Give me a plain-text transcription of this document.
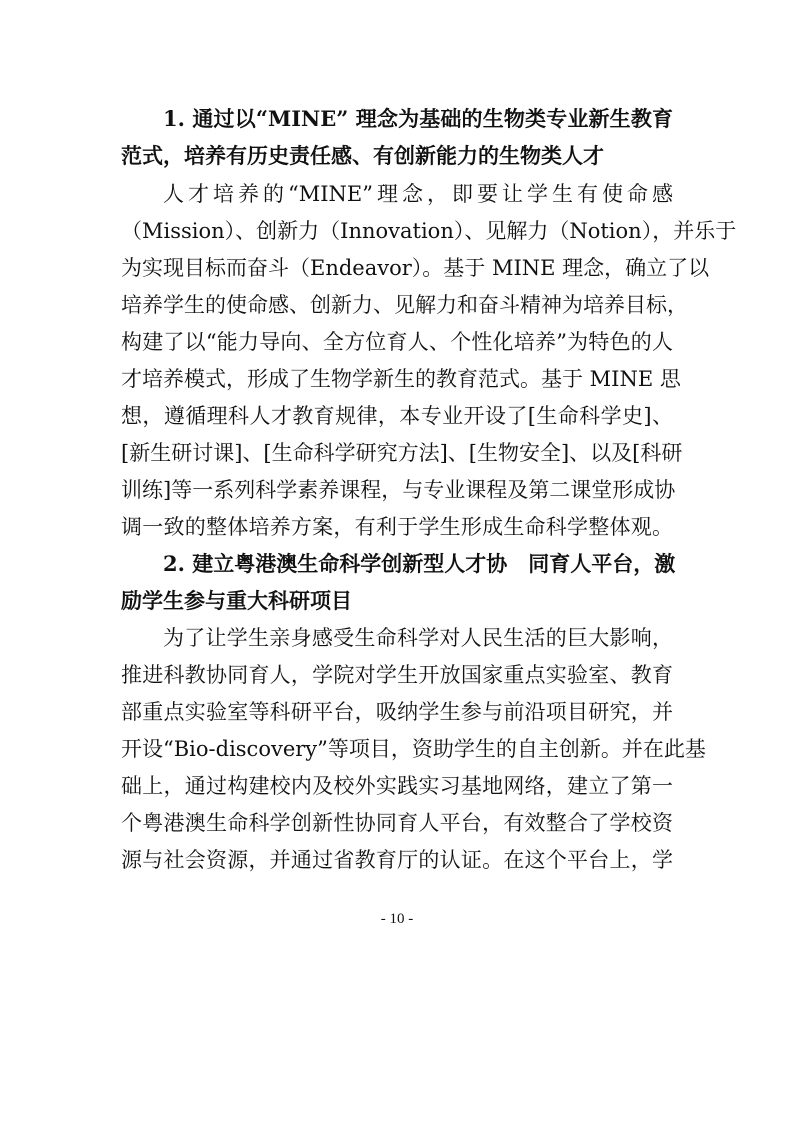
1. 通过以“MINE” 理念为基础的生物类专业新生教育
范式，培养有历史责任感、有创新能力的生物类人才
人才培养的“MINE”理念，即要让学生有使命感
（Mission）、创新力（Innovation）、见解力（Notion），并乐于
为实现目标而奋斗（Endeavor）。基于 MINE 理念，确立了以
培养学生的使命感、创新力、见解力和奋斗精神为培养目标，
构建了以“能力导向、全方位育人、个性化培养”为特色的人
才培养模式，形成了生物学新生的教育范式。基于 MINE 思
想，遵循理科人才教育规律，本专业开设了[生命科学史]、
[新生研讨课]、[生命科学研究方法]、[生物安全]、以及[科研
训练]等一系列科学素养课程，与专业课程及第二课堂形成协
调一致的整体培养方案，有利于学生形成生命科学整体观。
2. 建立粤港澳生命科学创新型人才协　同育人平台，激
励学生参与重大科研项目
为了让学生亲身感受生命科学对人民生活的巨大影响，
推进科教协同育人，学院对学生开放国家重点实验室、教育
部重点实验室等科研平台，吸纳学生参与前沿项目研究，并
开设“Bio-discovery”等项目，资助学生的自主创新。并在此基
础上，通过构建校内及校外实践实习基地网络，建立了第一
个粤港澳生命科学创新性协同育人平台，有效整合了学校资
源与社会资源，并通过省教育厅的认证。在这个平台上，学
- 10 -
